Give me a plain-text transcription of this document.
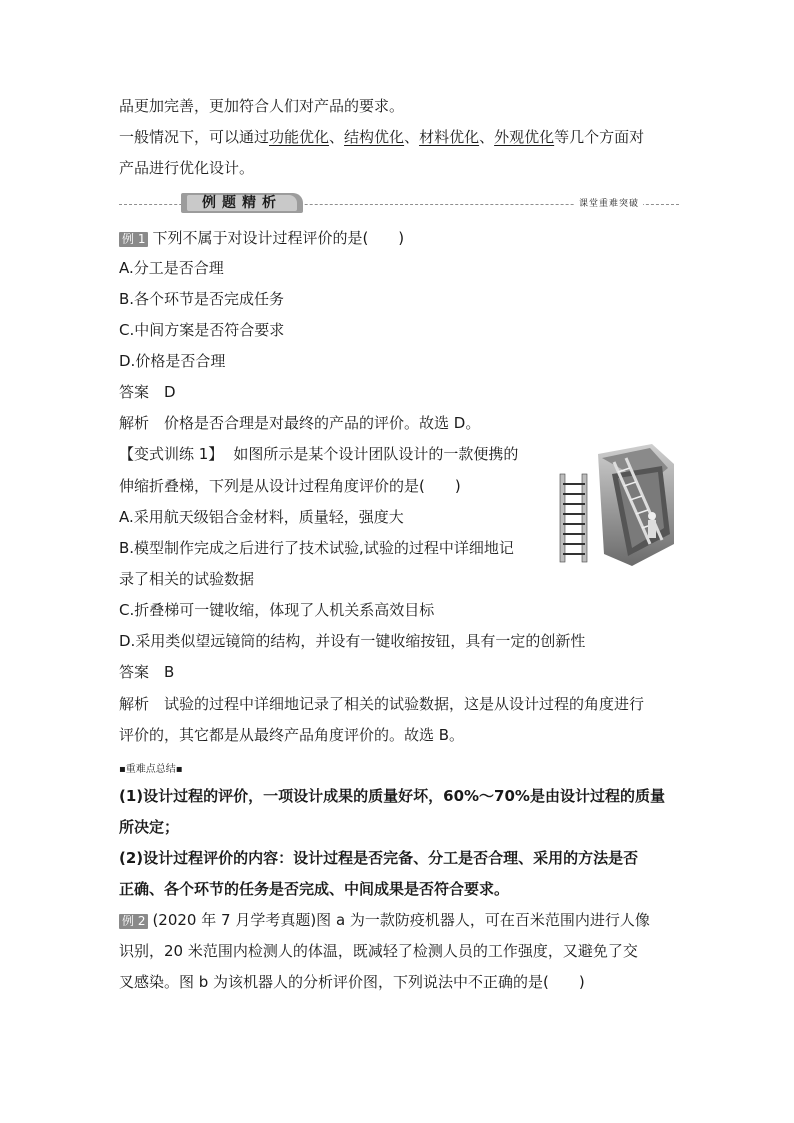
品更加完善，更加符合人们对产品的要求。
一般情况下，可以通过功能优化、结构优化、材料优化、外观优化等几个方面对
产品进行优化设计。
例题精析	课堂重难突破
例 1 下列不属于对设计过程评价的是(　　)
A.分工是否合理
B.各个环节是否完成任务
C.中间方案是否符合要求
D.价格是否合理
答案　D
解析　价格是否合理是对最终的产品的评价。故选 D。
【变式训练 1】 如图所示是某个设计团队设计的一款便携的
伸缩折叠梯，下列是从设计过程角度评价的是(　　)
A.采用航天级铝合金材料，质量轻，强度大
B.模型制作完成之后进行了技术试验,试验的过程中详细地记
录了相关的试验数据
C.折叠梯可一键收缩，体现了人机关系高效目标
D.采用类似望远镜筒的结构，并设有一键收缩按钮，具有一定的创新性
答案　B
解析　试验的过程中详细地记录了相关的试验数据，这是从设计过程的角度进行
评价的，其它都是从最终产品角度评价的。故选 B。
▪重难点总结▪
(1)设计过程的评价，一项设计成果的质量好坏，60%～70%是由设计过程的质量
所决定；
(2)设计过程评价的内容：设计过程是否完备、分工是否合理、采用的方法是否
正确、各个环节的任务是否完成、中间成果是否符合要求。
例 2 (2020 年 7 月学考真题)图 a 为一款防疫机器人，可在百米范围内进行人像
识别，20 米范围内检测人的体温，既减轻了检测人员的工作强度，又避免了交
叉感染。图 b 为该机器人的分析评价图，下列说法中不正确的是(　　)
